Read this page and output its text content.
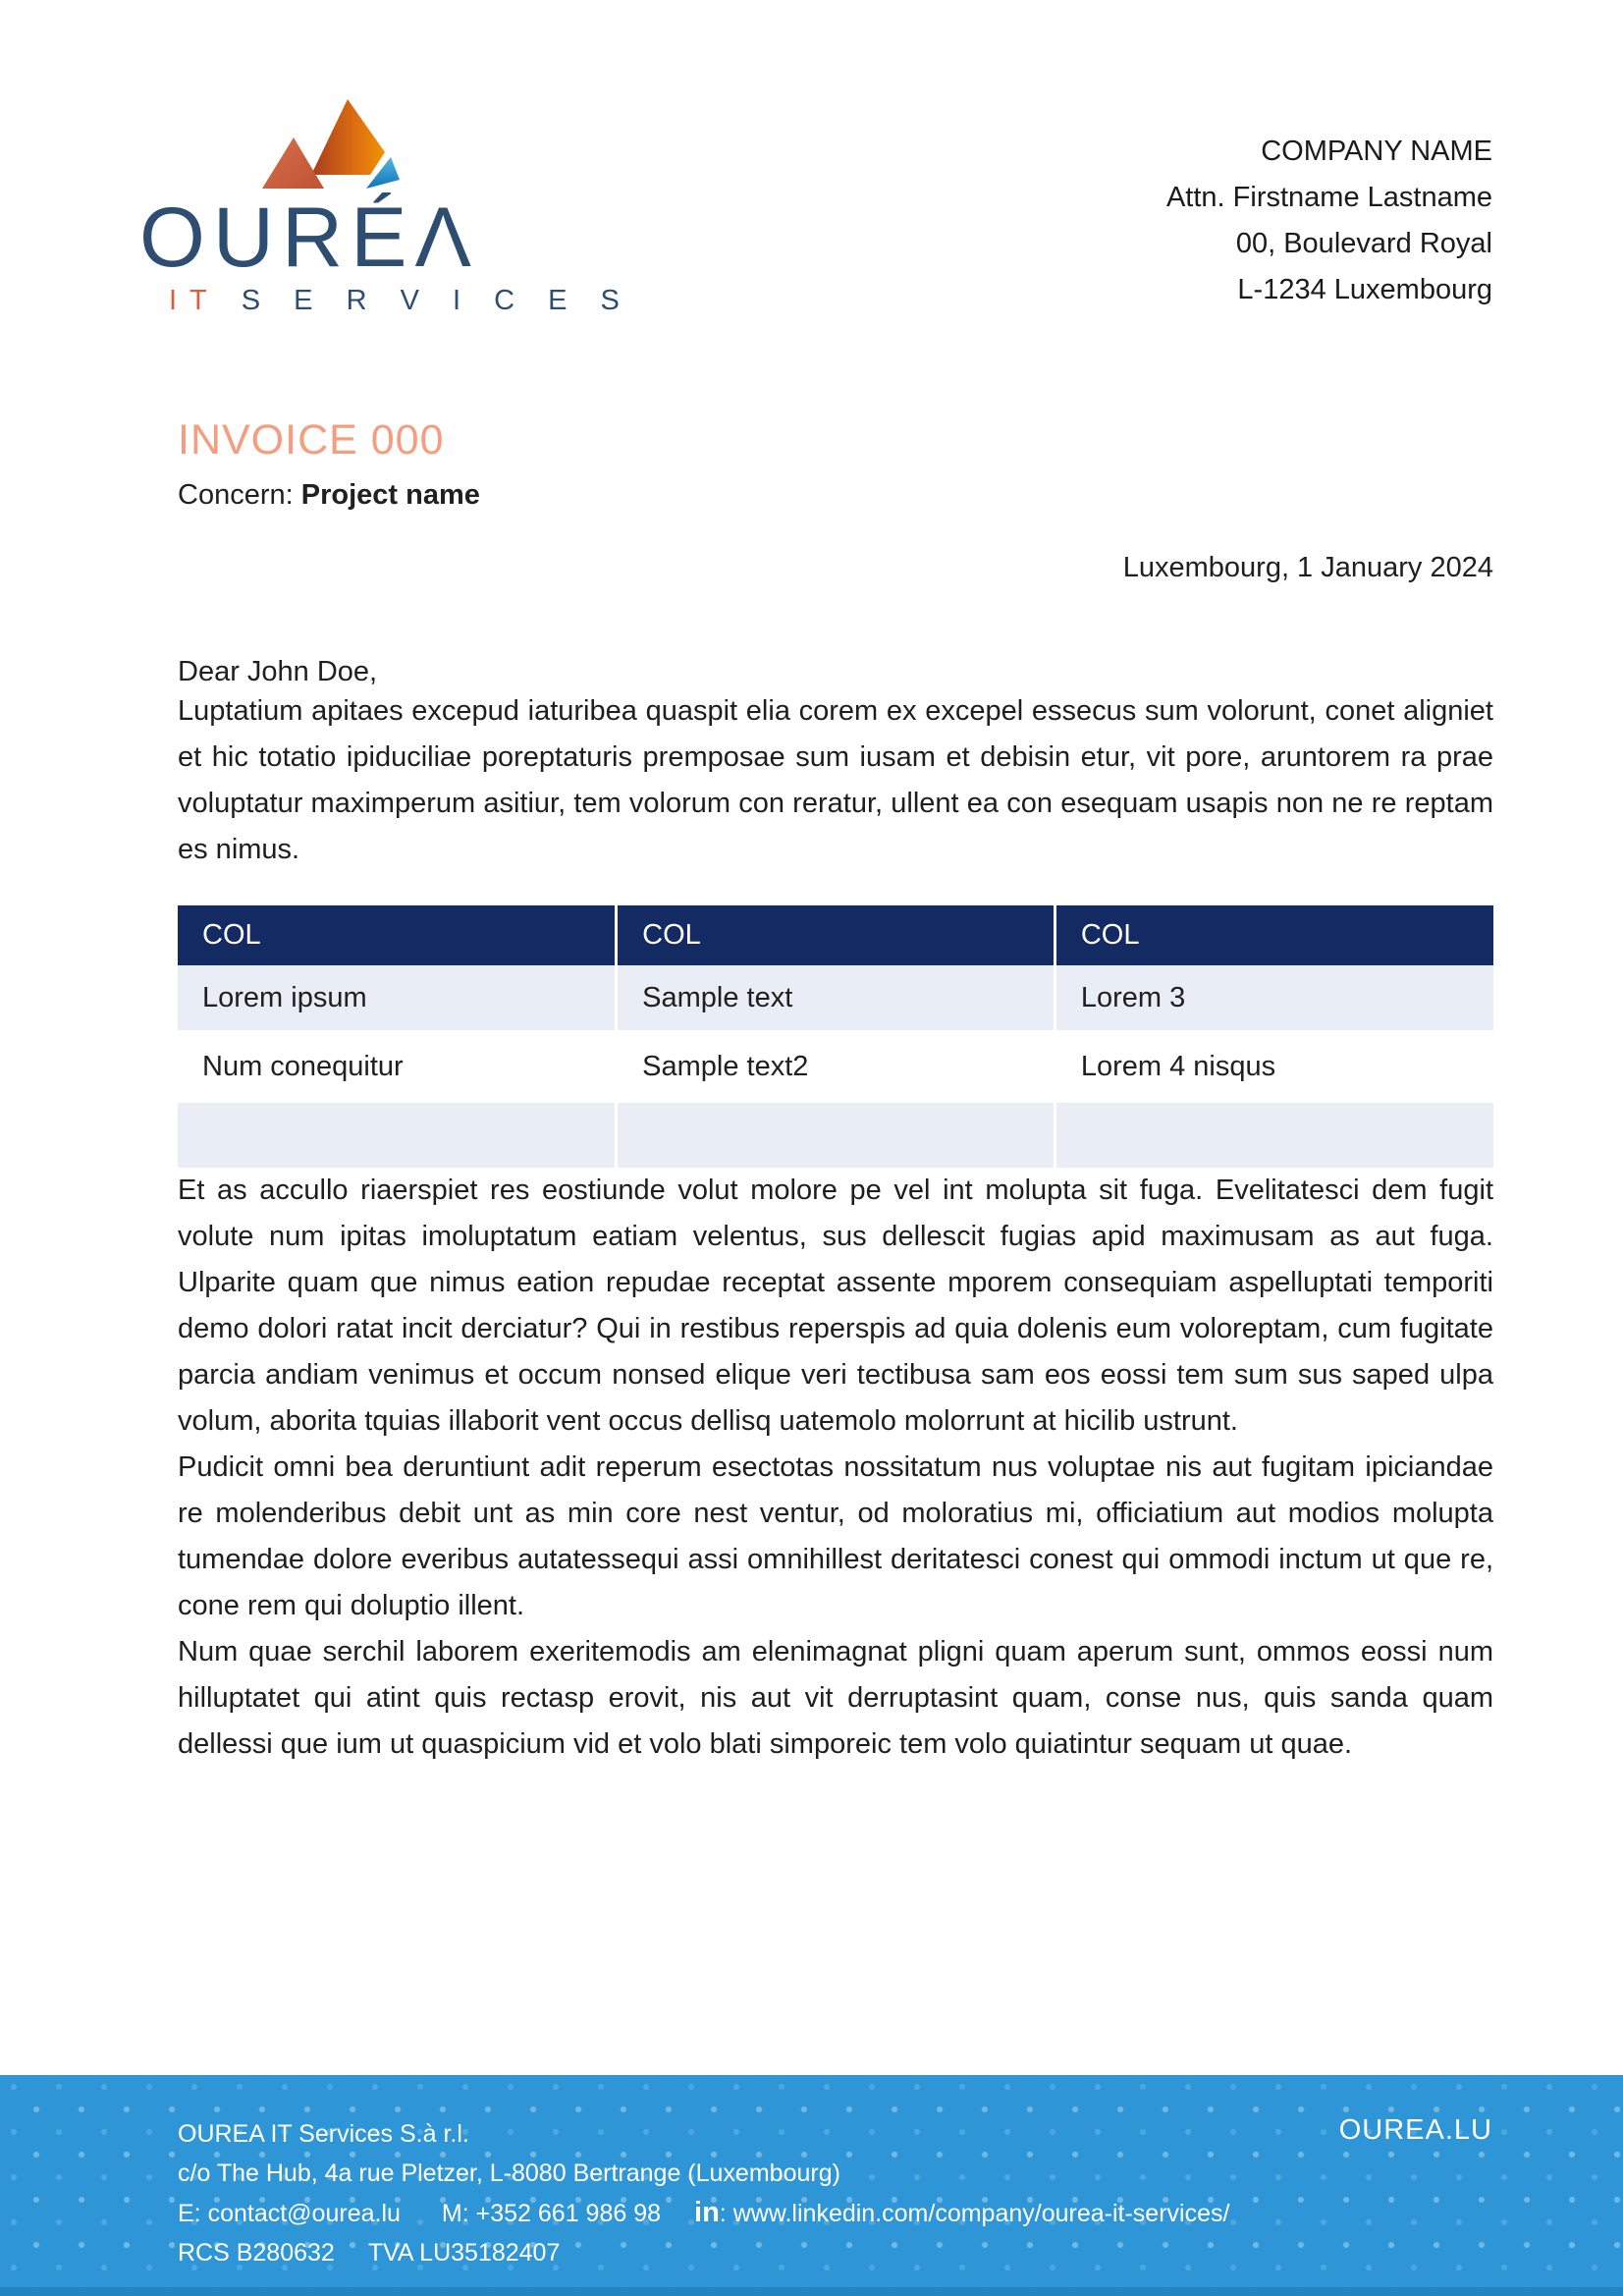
OURÉΛ
IT S E R V I C E S
COMPANY NAME
Attn. Firstname Lastname
00, Boulevard Royal
L-1234 Luxembourg
INVOICE 000
Concern: Project name
Luxembourg, 1 January 2024
Dear John Doe,

Luptatium apitaes excepud iaturibea quaspit elia corem ex excepel essecus sum volorunt, conet aligniet et hic totatio ipiduciliae poreptaturis premposae sum iusam et debisin etur, vit pore, aruntorem ra prae voluptatur maximperum asitiur, tem volorum con reratur, ullent ea con esequam usapis non ne re reptam es nimus.

COL	COL	COL
Lorem ipsum	Sample text	Lorem 3
Num conequitur	Sample text2	Lorem 4 nisqus

Et as accullo riaerspiet res eostiunde volut molore pe vel int molupta sit fuga. Evelitatesci dem fugit volute num ipitas imoluptatum eatiam velentus, sus dellescit fugias apid maximusam as aut fuga. Ulparite quam que nimus eation repudae receptat assente mporem consequiam aspelluptati temporiti demo dolori ratat incit derciatur? Qui in restibus reperspis ad quia dolenis eum voloreptam, cum fugitate parcia andiam venimus et occum nonsed elique veri tectibusa sam eos eossi tem sum sus saped ulpa volum, aborita tquias illaborit vent occus dellisq uatemolo molorrunt at hicilib ustrunt.

Pudicit omni bea deruntiunt adit reperum esectotas nossitatum nus voluptae nis aut fugitam ipiciandae re molenderibus debit unt as min core nest ventur, od moloratius mi, officiatium aut modios molupta tumendae dolore everibus autatessequi assi omnihillest deritatesci conest qui ommodi inctum ut que re, cone rem qui doluptio illent.

Num quae serchil laborem exeritemodis am elenimagnat pligni quam aperum sunt, ommos eossi num hilluptatet qui atint quis rectasp erovit, nis aut vit derruptasint quam, conse nus, quis sanda quam dellessi que ium ut quaspicium vid et volo blati simporeic tem volo quiatintur sequam ut quae.

OUREA IT Services S.à r.l.
c/o The Hub, 4a rue Pletzer, L-8080 Bertrange (Luxembourg)
E: contact@ourea.lu M: +352 661 986 98 in: www.linkedin.com/company/ourea-it-services/
RCS B280632 TVA LU35182407
OUREA.LU
